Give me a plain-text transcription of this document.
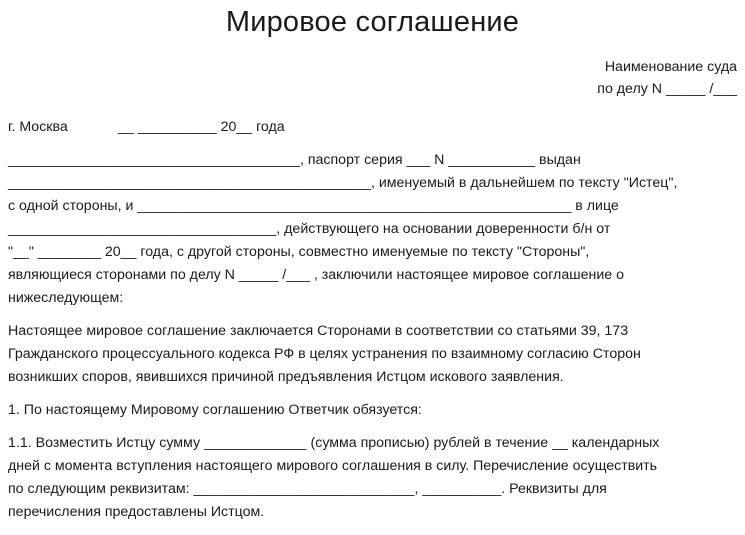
Мировое соглашение
Наименование суда
по делу N _____ /___
г. Москва	__ __________ 20__ года
_____________________________________, паспорт серия ___ N ___________ выдан
______________________________________________, именуемый в дальнейшем по тексту "Истец",
с одной стороны, и _______________________________________________________ в лице
__________________________________, действующего на основании доверенности б/н от
"__" ________ 20__ года, с другой стороны, совместно именуемые по тексту "Стороны",
являющиеся сторонами по делу N _____ /___ , заключили настоящее мировое соглашение о
нижеследующем:
Настоящее мировое соглашение заключается Сторонами в соответствии со статьями 39, 173
Гражданского процессуального кодекса РФ в целях устранения по взаимному согласию Сторон
возникших споров, явившихся причиной предъявления Истцом искового заявления.
1. По настоящему Мировому соглашению Ответчик обязуется:
1.1. Возместить Истцу сумму _____________ (сумма прописью) рублей в течение __ календарных
дней с момента вступления настоящего мирового соглашения в силу. Перечисление осуществить
по следующим реквизитам: ____________________________, __________. Реквизиты для
перечисления предоставлены Истцом.
